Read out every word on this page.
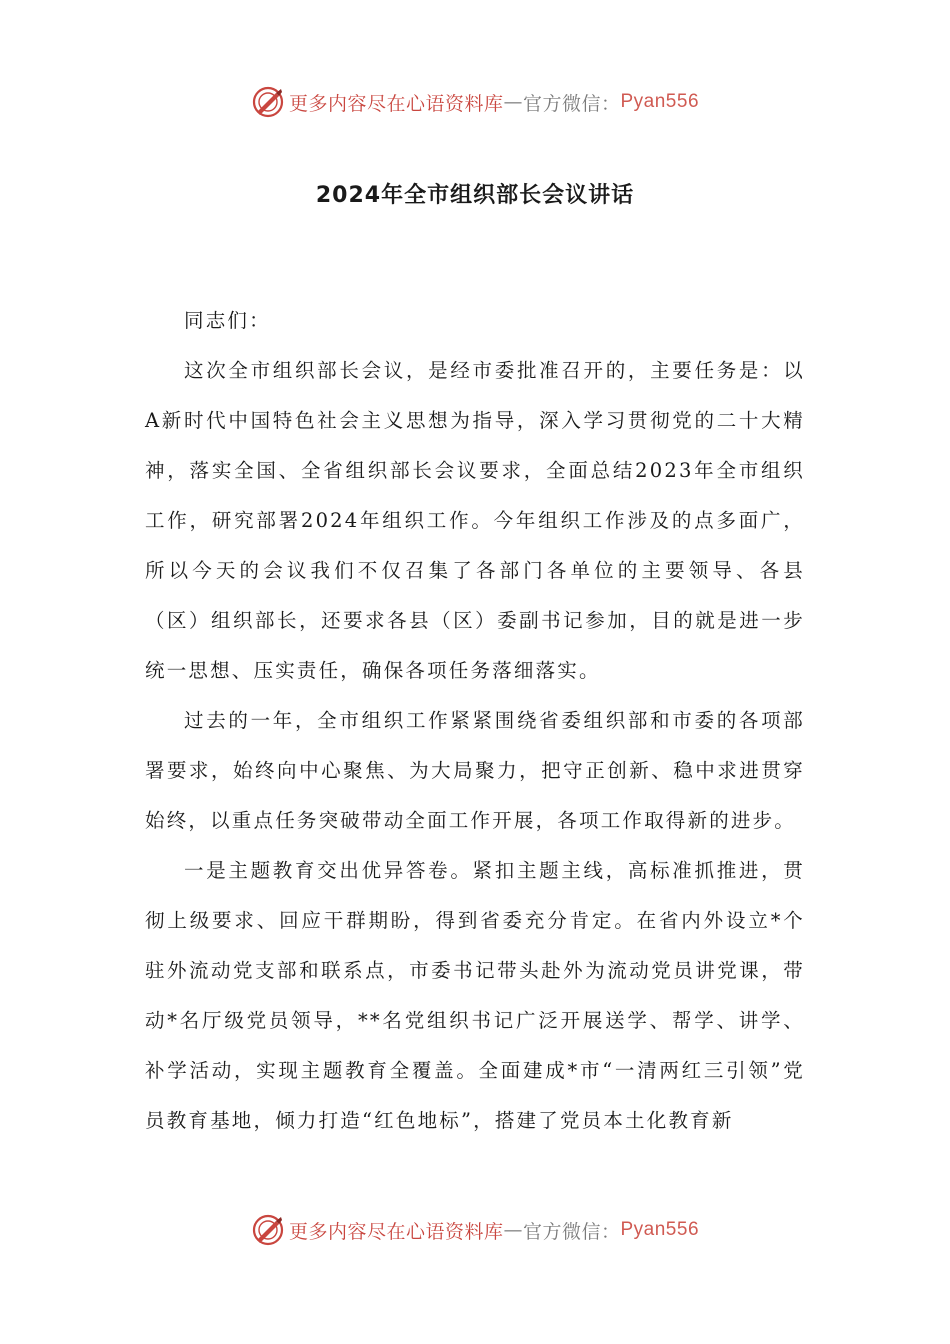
更多内容尽在心语资料库 — 官方微信： Pyan556
2024年全市组织部长会议讲话

同志们：

这次全市组织部长会议，是经市委批准召开的，主要任务是：以A新时代中国特色社会主义思想为指导，深入学习贯彻党的二十大精神，落实全国、全省组织部长会议要求，全面总结2023年全市组织工作，研究部署2024年组织工作。今年组织工作涉及的点多面广，所以今天的会议我们不仅召集了各部门各单位的主要领导、各县（区）组织部长，还要求各县（区）委副书记参加，目的就是进一步统一思想、压实责任，确保各项任务落细落实。

过去的一年，全市组织工作紧紧围绕省委组织部和市委的各项部署要求，始终向中心聚焦、为大局聚力，把守正创新、稳中求进贯穿始终，以重点任务突破带动全面工作开展，各项工作取得新的进步。

一是主题教育交出优异答卷。紧扣主题主线，高标准抓推进，贯彻上级要求、回应干群期盼，得到省委充分肯定。在省内外设立*个驻外流动党支部和联系点，市委书记带头赴外为流动党员讲党课，带动*名厅级党员领导，**名党组织书记广泛开展送学、帮学、讲学、补学活动，实现主题教育全覆盖。全面建成*市“一清两红三引领”党员教育基地，倾力打造“红色地标”，搭建了党员本土化教育新

更多内容尽在心语资料库 — 官方微信： Pyan556
